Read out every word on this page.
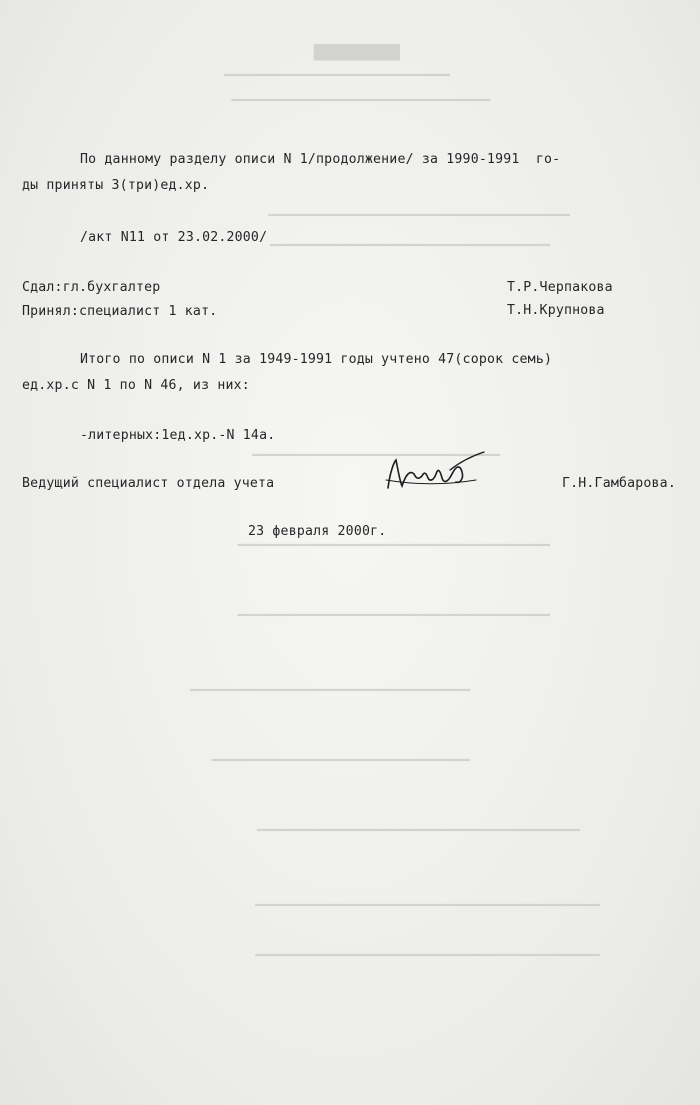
████████
▔▔▔▔▔▔▔▔▔▔▔▔▔▔▔▔▔▔▔▔▔
▔▔▔▔▔▔▔▔▔▔▔▔▔▔▔▔▔▔▔▔▔▔▔▔
▔▔▔▔▔▔▔▔▔▔▔▔▔▔▔▔▔▔▔▔▔▔▔▔▔▔▔▔
▔▔▔▔▔▔▔▔▔▔▔▔▔▔▔▔▔▔▔▔▔▔▔▔▔▔
▔▔▔▔▔▔▔▔▔▔▔▔▔▔▔▔▔▔▔▔▔▔▔
▔▔▔▔▔▔▔▔▔▔▔▔▔▔▔▔▔▔▔▔▔▔▔▔▔▔▔▔▔
▔▔▔▔▔▔▔▔▔▔▔▔▔▔▔▔▔▔▔▔▔▔▔▔▔▔▔▔▔
▔▔▔▔▔▔▔▔▔▔▔▔▔▔▔▔▔▔▔▔▔▔▔▔▔▔
▔▔▔▔▔▔▔▔▔▔▔▔▔▔▔▔▔▔▔▔▔▔▔▔
▔▔▔▔▔▔▔▔▔▔▔▔▔▔▔▔▔▔▔▔▔▔▔▔▔▔▔▔▔▔
▔▔▔▔▔▔▔▔▔▔▔▔▔▔▔▔▔▔▔▔▔▔▔▔▔▔▔▔▔▔▔▔
▔▔▔▔▔▔▔▔▔▔▔▔▔▔▔▔▔▔▔▔▔▔▔▔▔▔▔▔▔▔▔▔
По данному разделу описи N 1/продолжение/ за 1990-1991  го-
ды приняты 3(три)ед.хр.
/акт N11 от 23.02.2000/
Сдал:гл.бухгалтер	Т.Р.Черпакова
Принял:специалист 1 кат.	Т.Н.Крупнова
Итого по описи N 1 за 1949-1991 годы учтено 47(сорок семь)
ед.хр.с N 1 по N 46, из них:
-литерных:1ед.хр.-N 14а.
Ведущий специалист отдела учета	Г.Н.Гамбарова.
23 февраля 2000г.
